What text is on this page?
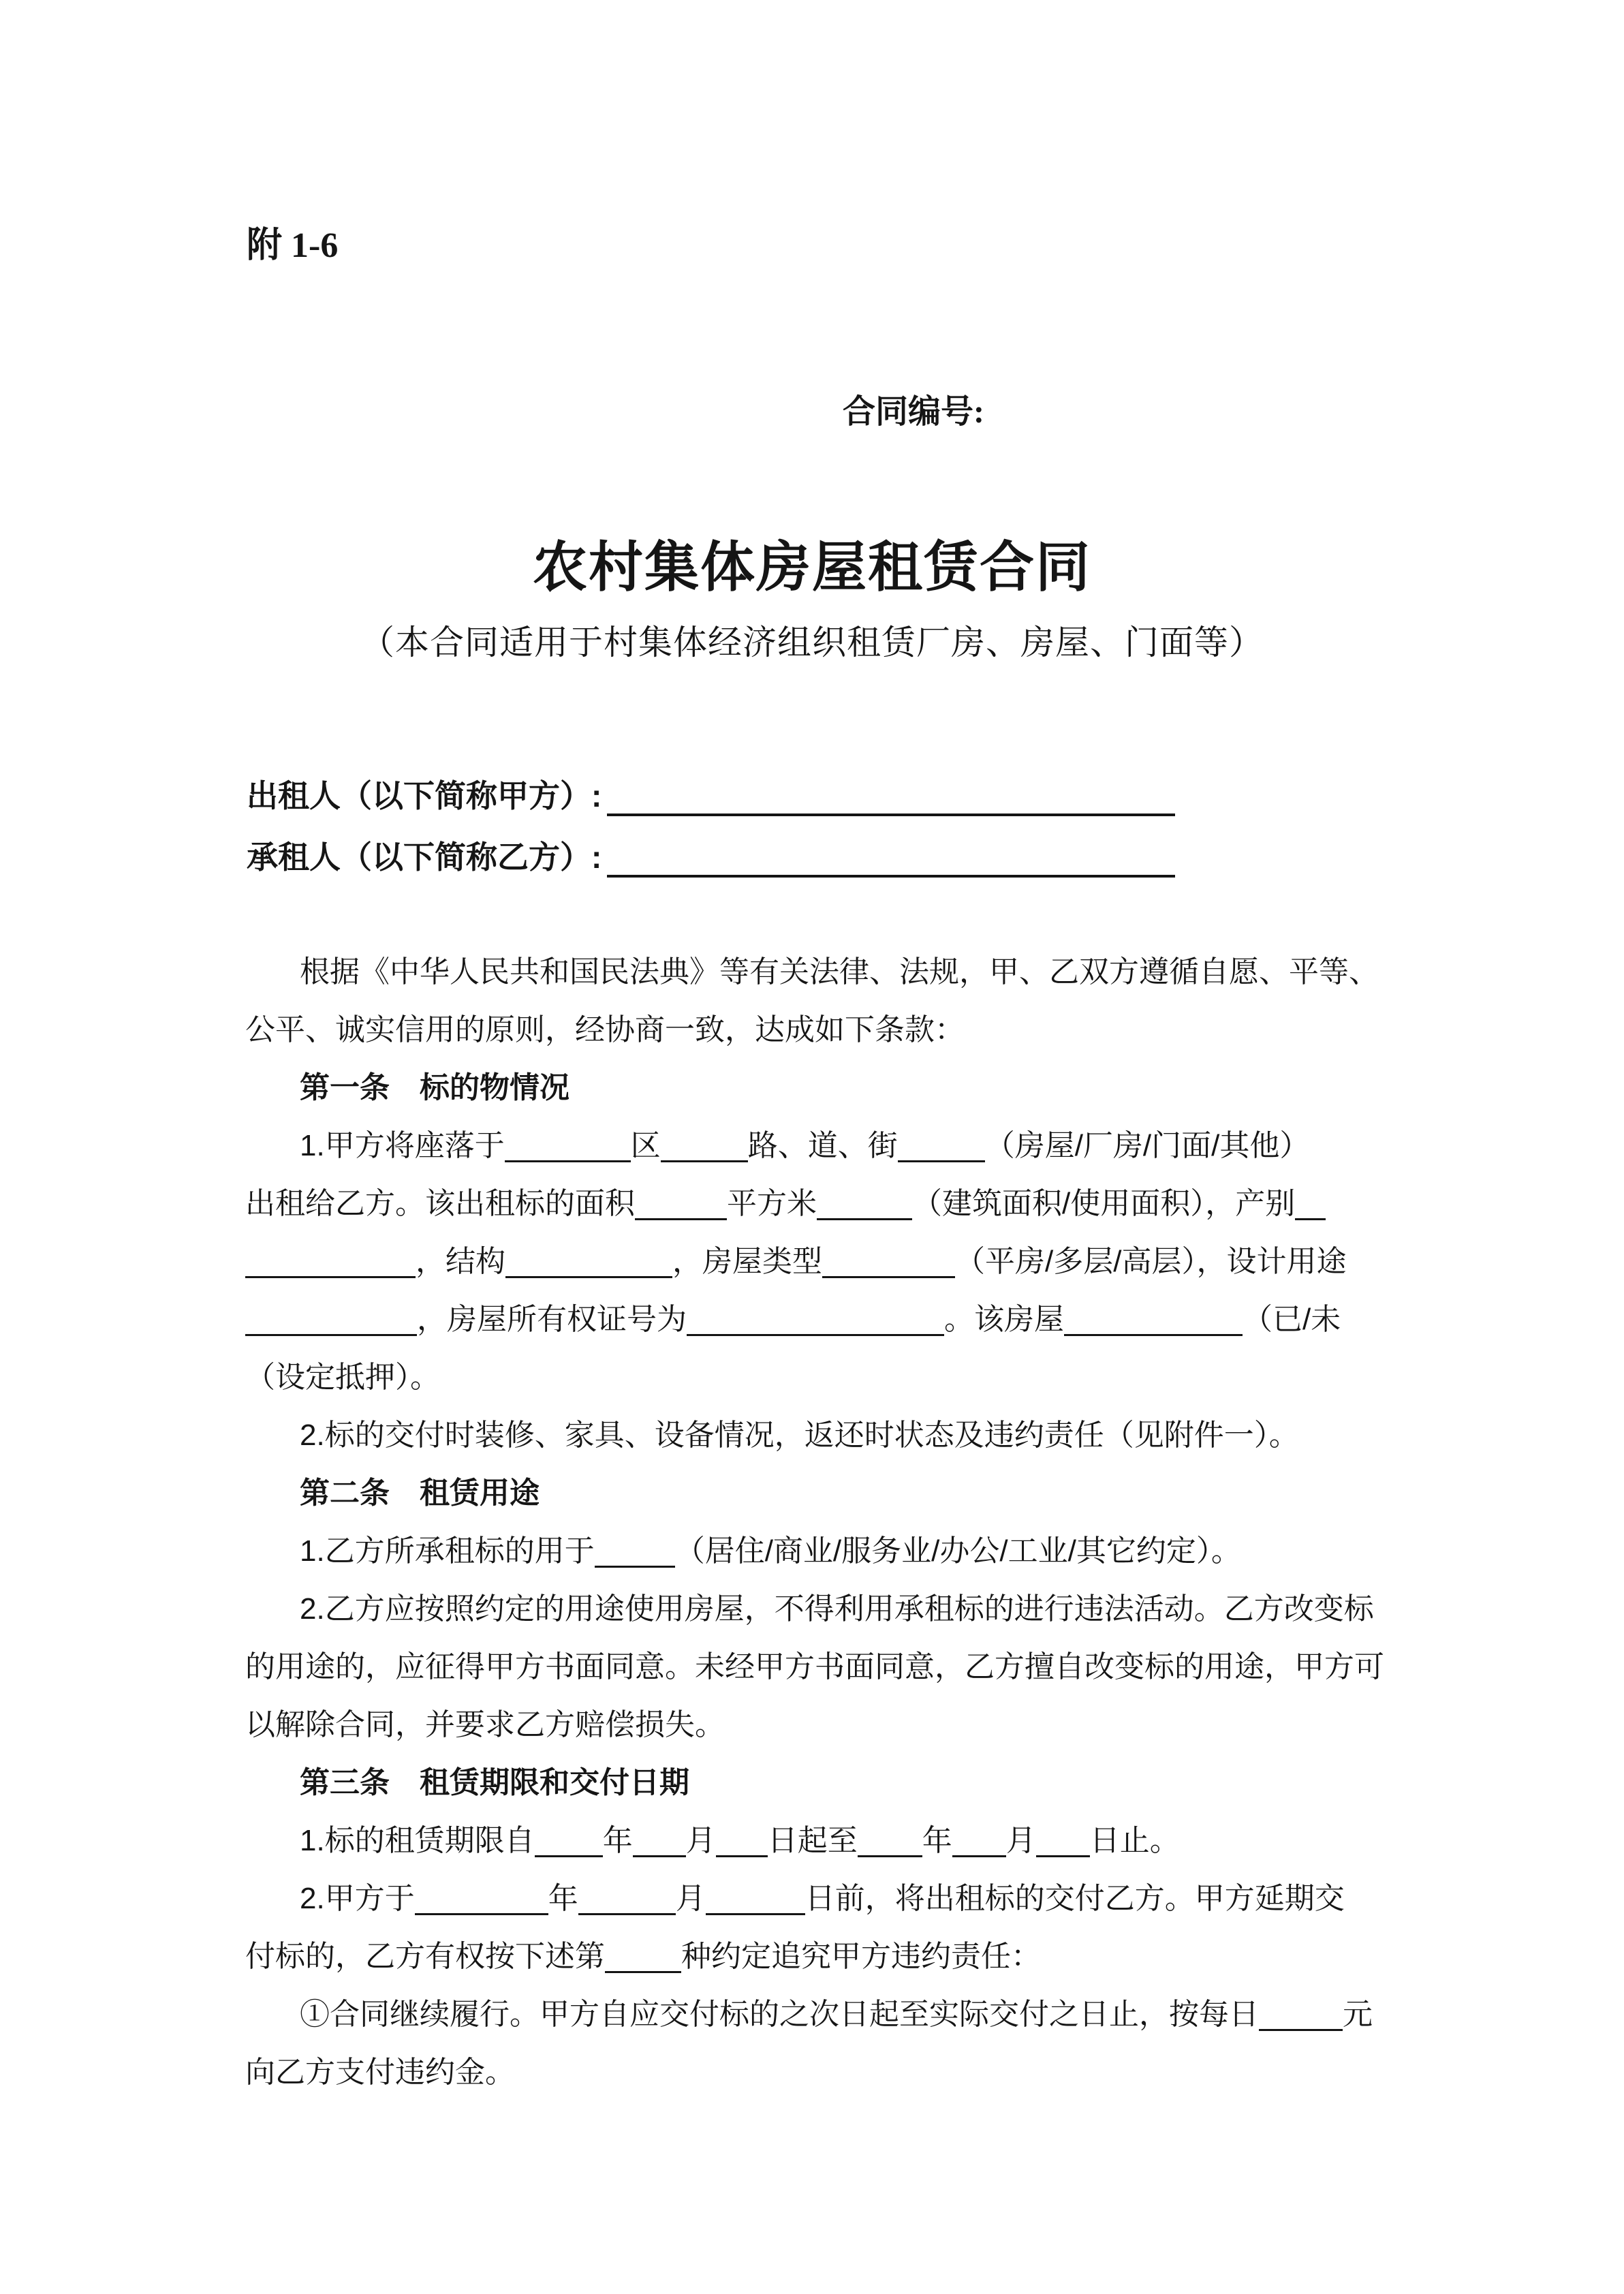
附 1-6
合同编号:
农村集体房屋租赁合同
（本合同适用于村集体经济组织租赁厂房、房屋、门面等）
出租人（以下简称甲方）:
承租人（以下简称乙方）:
根据《中华人民共和国民法典》等有关法律、法规，甲、乙双方遵循自愿、平等、
公平、诚实信用的原则，经协商一致，达成如下条款：
第一条　标的物情况
1.甲方将座落于	区	路、道、街	（房屋/厂房/门面/其他）
出租给乙方。该出租标的面积	平方米	（建筑面积/使用面积），产别
，结构	，房屋类型	（平房/多层/高层），设计用途
，房屋所有权证号为	。该房屋	（已/未
（设定抵押）。
2.标的交付时装修、家具、设备情况，返还时状态及违约责任（见附件一）。
第二条　租赁用途
1.乙方所承租标的用于	（居住/商业/服务业/办公/工业/其它约定）。
2.乙方应按照约定的用途使用房屋，不得利用承租标的进行违法活动。乙方改变标
的用途的，应征得甲方书面同意。未经甲方书面同意，乙方擅自改变标的用途，甲方可
以解除合同，并要求乙方赔偿损失。
第三条　租赁期限和交付日期
1.标的租赁期限自 年 月 日起至 年 月 日止。
2.甲方于	年	月	日前，将出租标的交付乙方。甲方延期交
付标的，乙方有权按下述第	种约定追究甲方违约责任：
①合同继续履行。甲方自应交付标的之次日起至实际交付之日止，按每日	元
向乙方支付违约金。
